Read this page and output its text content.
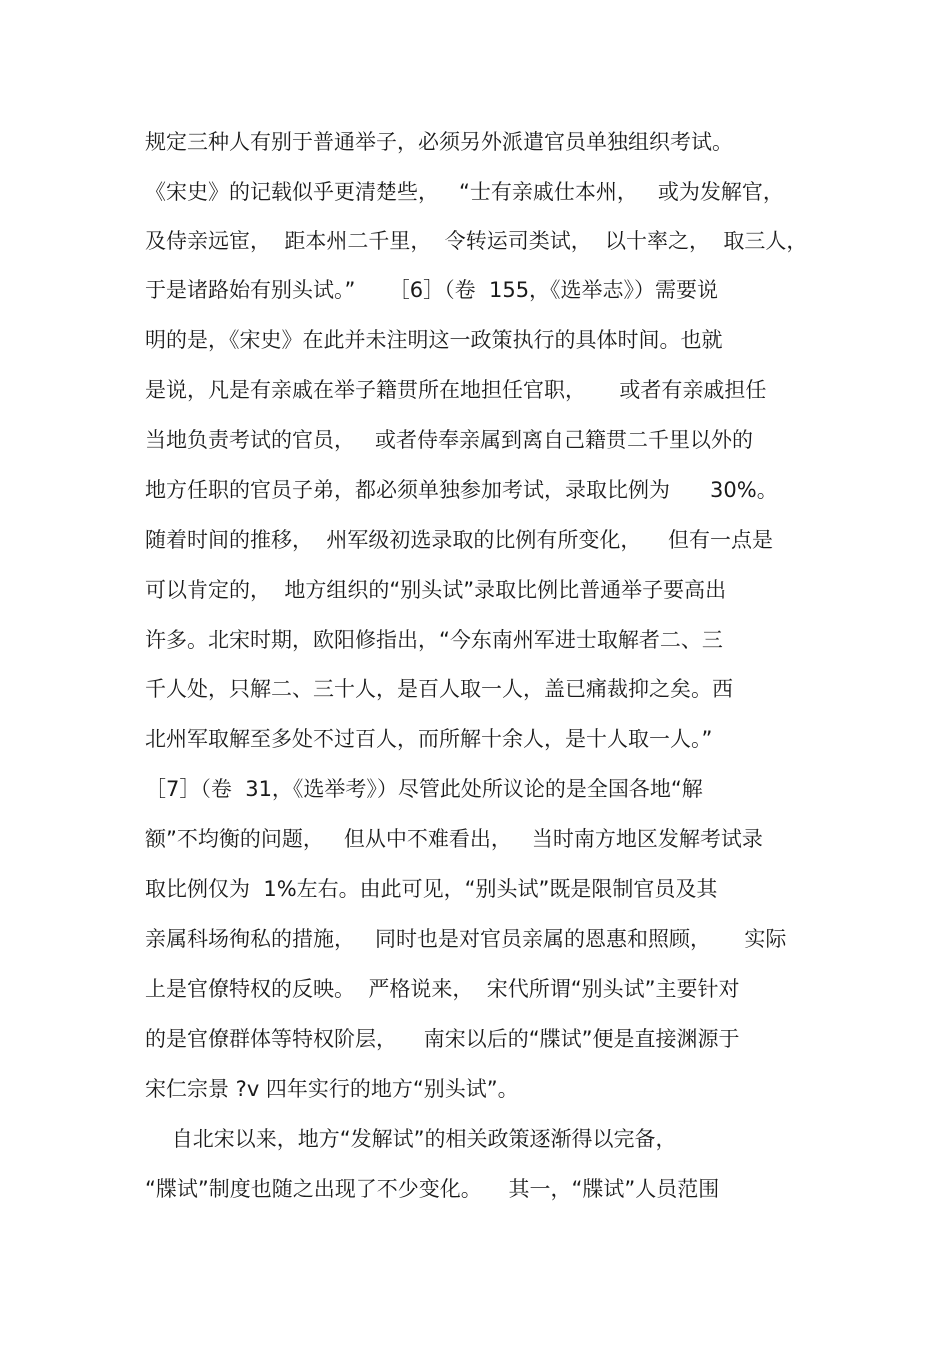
规定三种人有别于普通举子，必须另外派遣官员单独组织考试。
《宋史》的记载似乎更清楚些，   “士有亲戚仕本州，   或为发解官，
及侍亲远宦，  距本州二千里，  令转运司类试，  以十率之，  取三人，
于是诸路始有别头试。”     ［6］（卷  155，《选举志》）需要说
明的是，《宋史》在此并未注明这一政策执行的具体时间。也就
是说，凡是有亲戚在举子籍贯所在地担任官职，     或者有亲戚担任
当地负责考试的官员，   或者侍奉亲属到离自己籍贯二千里以外的
地方任职的官员子弟，都必须单独参加考试，录取比例为      30%。
随着时间的推移，  州军级初选录取的比例有所变化，    但有一点是
可以肯定的，  地方组织的“别头试”录取比例比普通举子要高出
许多。北宋时期，欧阳修指出，“今东南州军进士取解者二、三
千人处，只解二、三十人，是百人取一人，盖已痛裁抑之矣。西
北州军取解至多处不过百人，而所解十余人，是十人取一人。”
［7］（卷  31，《选举考》）尽管此处所议论的是全国各地“解
额”不均衡的问题，   但从中不难看出，   当时南方地区发解考试录
取比例仅为  1%左右。由此可见，“别头试”既是限制官员及其
亲属科场徇私的措施，   同时也是对官员亲属的恩惠和照顾，     实际
上是官僚特权的反映。  严格说来，  宋代所谓“别头试”主要针对
的是官僚群体等特权阶层，    南宋以后的“牒试”便是直接渊源于
宋仁宗景 ?v 四年实行的地方“别头试”。
自北宋以来，地方“发解试”的相关政策逐渐得以完备，
“牒试”制度也随之出现了不少变化。    其一，“牒试”人员范围
